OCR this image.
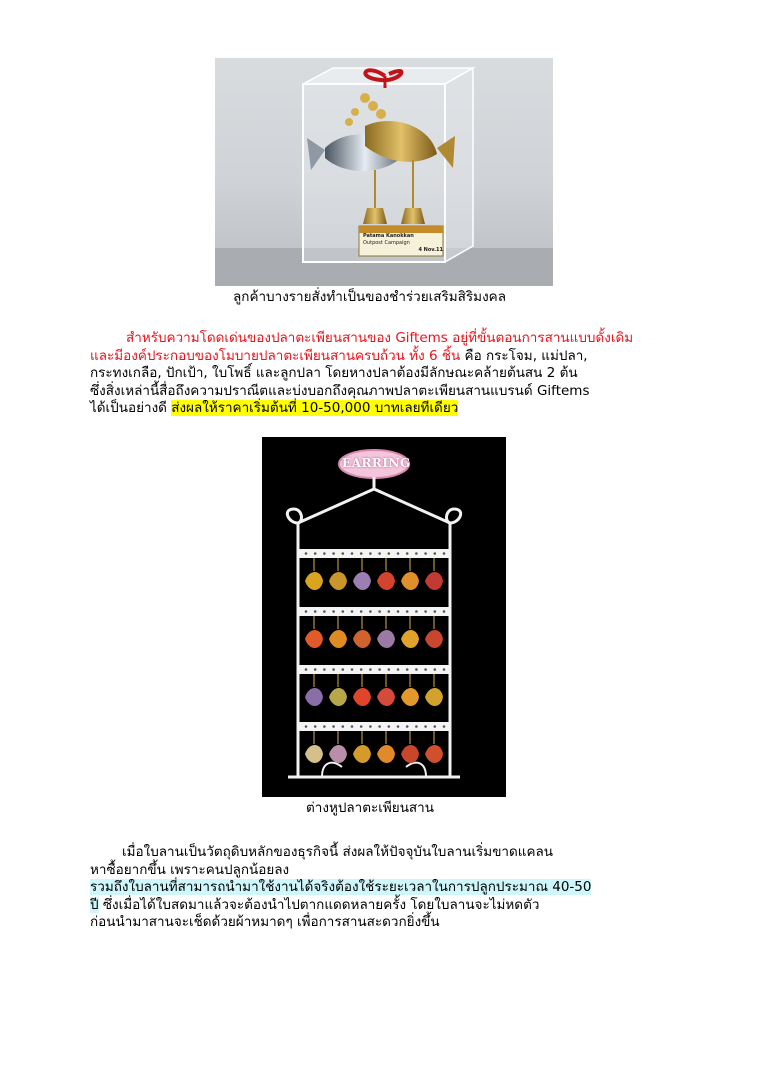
Patama Kanokkan
Outpost Campaign
4 Nov.11
ลูกค้าบางรายสั่งทำเป็นของชำร่วยเสริมสิริมงคล
สำหรับความโดดเด่นของปลาตะเพียนสานของ Giftems อยู่ที่ขั้นตอนการสานแบบดั้งเดิม
และมีองค์ประกอบของโมบายปลาตะเพียนสานครบถ้วน ทั้ง 6 ชิ้น คือ กระโจม, แม่ปลา,
กระทงเกลือ, ปักเป้า, ใบโพธิ์ และลูกปลา โดยหางปลาต้องมีลักษณะคล้ายต้นสน 2 ต้น
ซึ่งสิ่งเหล่านี้สื่อถึงความปราณีตและบ่งบอกถึงคุณภาพปลาตะเพียนสานแบรนด์ Giftems
ได้เป็นอย่างดี ส่งผลให้ราคาเริ่มต้นที่ 10-50,000 บาทเลยทีเดียว
EARRING
ต่างหูปลาตะเพียนสาน
เมื่อใบลานเป็นวัตถุดิบหลักของธุรกิจนี้ ส่งผลให้ปัจจุบันใบลานเริ่มขาดแคลน
หาซื้อยากขึ้น เพราะคนปลูกน้อยลง
รวมถึงใบลานที่สามารถนำมาใช้งานได้จริงต้องใช้ระยะเวลาในการปลูกประมาณ 40-50
ปี ซึ่งเมื่อได้ใบสดมาแล้วจะต้องนำไปตากแดดหลายครั้ง โดยใบลานจะไม่หดตัว
ก่อนนำมาสานจะเช็ดด้วยผ้าหมาดๆ เพื่อการสานสะดวกยิ่งขึ้น
